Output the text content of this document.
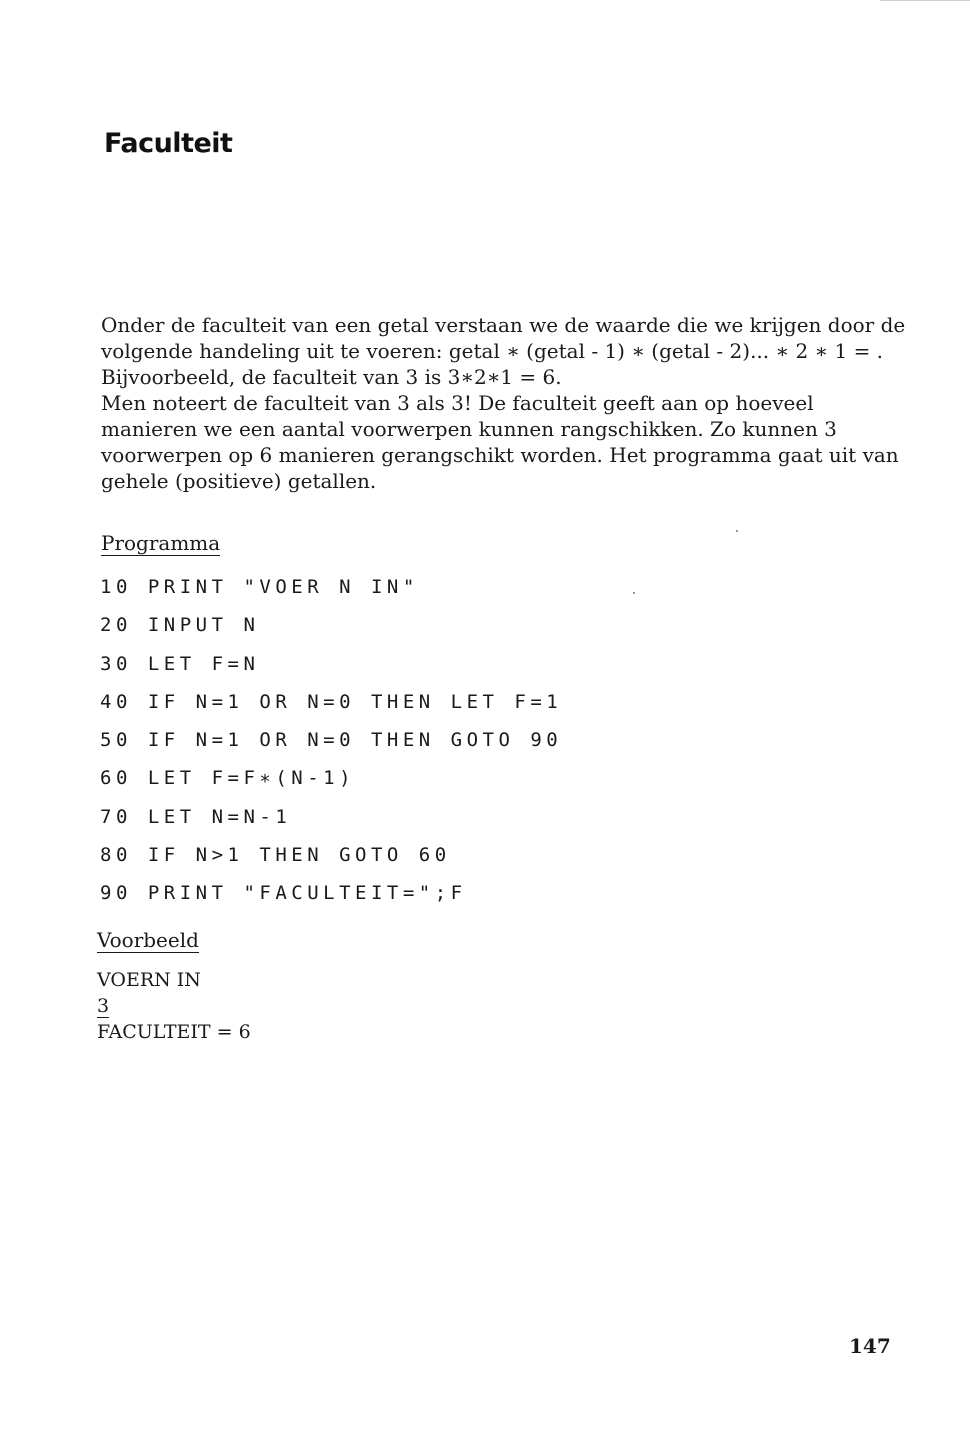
Faculteit

Onder de faculteit van een getal verstaan we de waarde die we krijgen door de volgende handeling uit te voeren: getal ∗ (getal - 1) ∗ (getal - 2)... ∗ 2 ∗ 1 = .

Bijvoorbeeld, de faculteit van 3 is 3∗2∗1 = 6.

Men noteert de faculteit van 3 als 3! De faculteit geeft aan op hoeveel manieren we een aantal voorwerpen kunnen rangschikken. Zo kunnen 3 voorwerpen op 6 manieren gerangschikt worden. Het programma gaat uit van gehele (positieve) getallen.

Programma
10 PRINT "VOER N IN"
20 INPUT N
30 LET F=N
40 IF N=1 OR N=0 THEN LET F=1
50 IF N=1 OR N=0 THEN GOTO 90
60 LET F=F∗(N-1)
70 LET N=N-1
80 IF N>1 THEN GOTO 60
90 PRINT "FACULTEIT=";F
Voorbeeld
VOERN IN
3
FACULTEIT = 6
147
